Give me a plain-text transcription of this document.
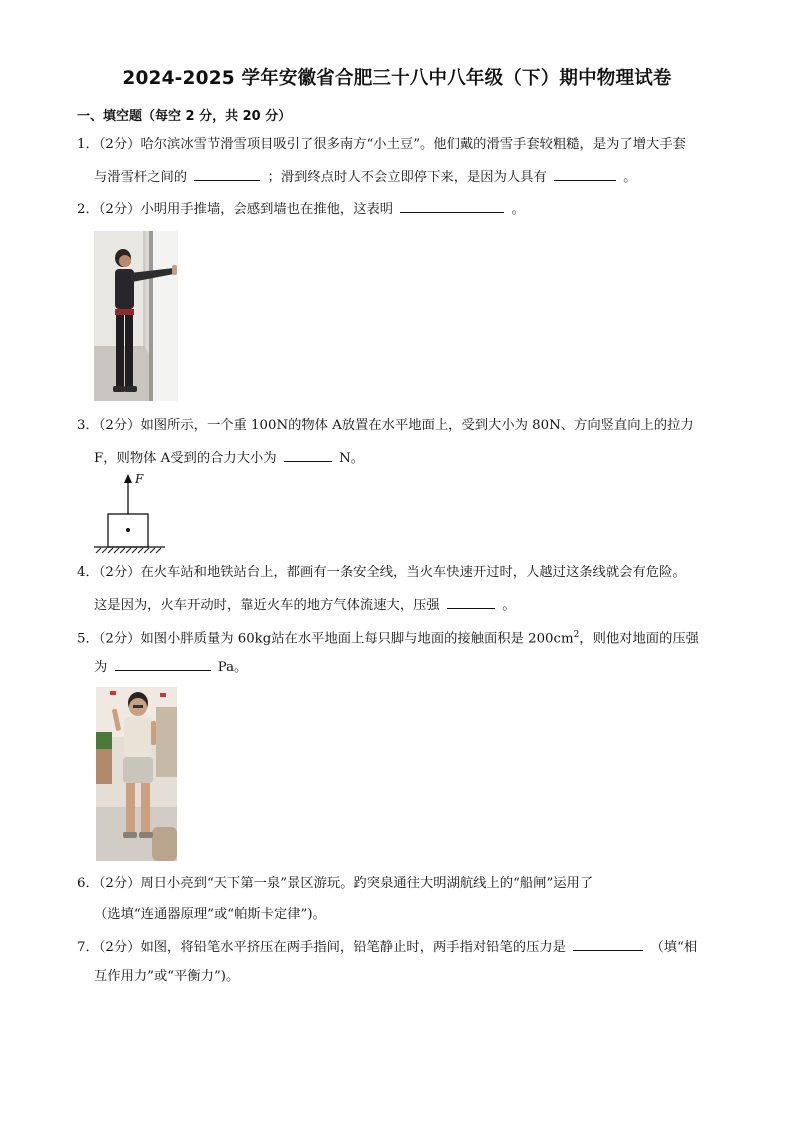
2024-2025 学年安徽省合肥三十八中八年级（下）期中物理试卷
一、填空题（每空 2 分，共 20 分）
1．（2分）哈尔滨冰雪节滑雪项目吸引了很多南方“小土豆”。他们戴的滑雪手套较粗糙，是为了增大手套
与滑雪杆之间的	；滑到终点时人不会立即停下来，是因为人具有	。
2．（2分）小明用手推墙，会感到墙也在推他，这表明	。
3．（2分）如图所示，一个重 100N的物体 A放置在水平地面上，受到大小为 80N、方向竖直向上的拉力
F，则物体 A受到的合力大小为	N。
F
4．（2分）在火车站和地铁站台上，都画有一条安全线，当火车快速开过时，人越过这条线就会有危险。
这是因为，火车开动时，靠近火车的地方气体流速大，压强	。
5．（2分）如图小胖质量为 60kg站在水平地面上每只脚与地面的接触面积是 $200cm^2$，则他对地面的压强
为	Pa。
6．（2分）周日小亮到“天下第一泉”景区游玩。趵突泉通往大明湖航线上的“船闸”运用了
（选填“连通器原理”或“帕斯卡定律”)。
7．（2分）如图，将铅笔水平挤压在两手指间，铅笔静止时，两手指对铅笔的压力是	（填“相
互作用力”或“平衡力”)。
